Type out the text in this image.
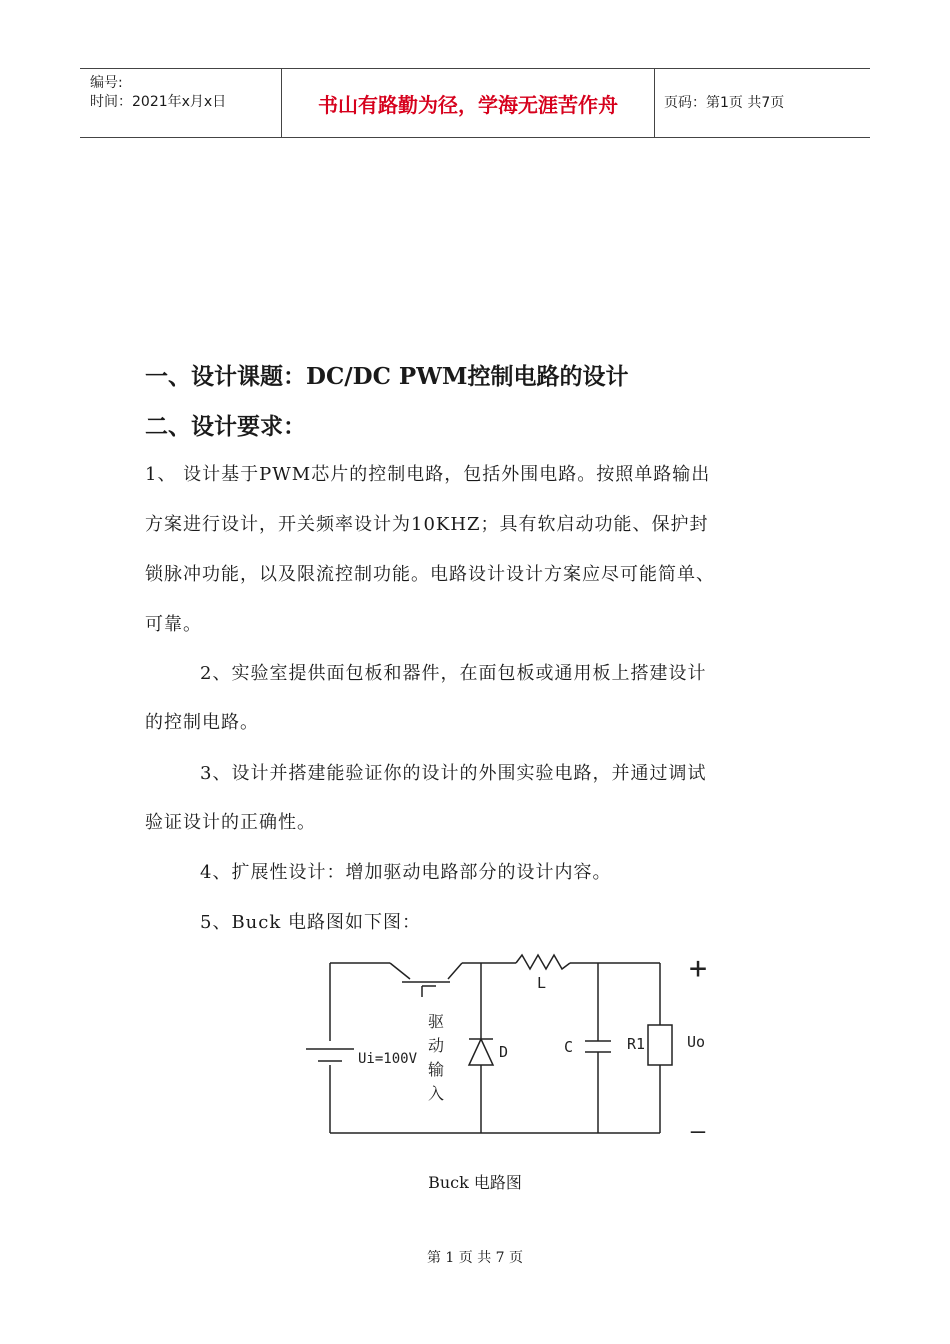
编号:
时间：2021年x月x日	书山有路勤为径，学海无涯苦作舟	页码：第1页 共7页
一、设计课题：DC/DC PWM控制电路的设计
二、设计要求：
1、 设计基于PWM芯片的控制电路，包括外围电路。按照单路输出
方案进行设计，开关频率设计为10KHZ；具有软启动功能、保护封
锁脉冲功能，以及限流控制功能。电路设计设计方案应尽可能简单、
可靠。
2、实验室提供面包板和器件，在面包板或通用板上搭建设计
的控制电路。
3、设计并搭建能验证你的设计的外围实验电路，并通过调试
验证设计的正确性。
4、扩展性设计：增加驱动电路部分的设计内容。
5、Buck 电路图如下图：
+
—
Ui=100V
L
D	C	R1	Uo
驱
动
输
入
Buck 电路图
第 1 页 共 7 页
